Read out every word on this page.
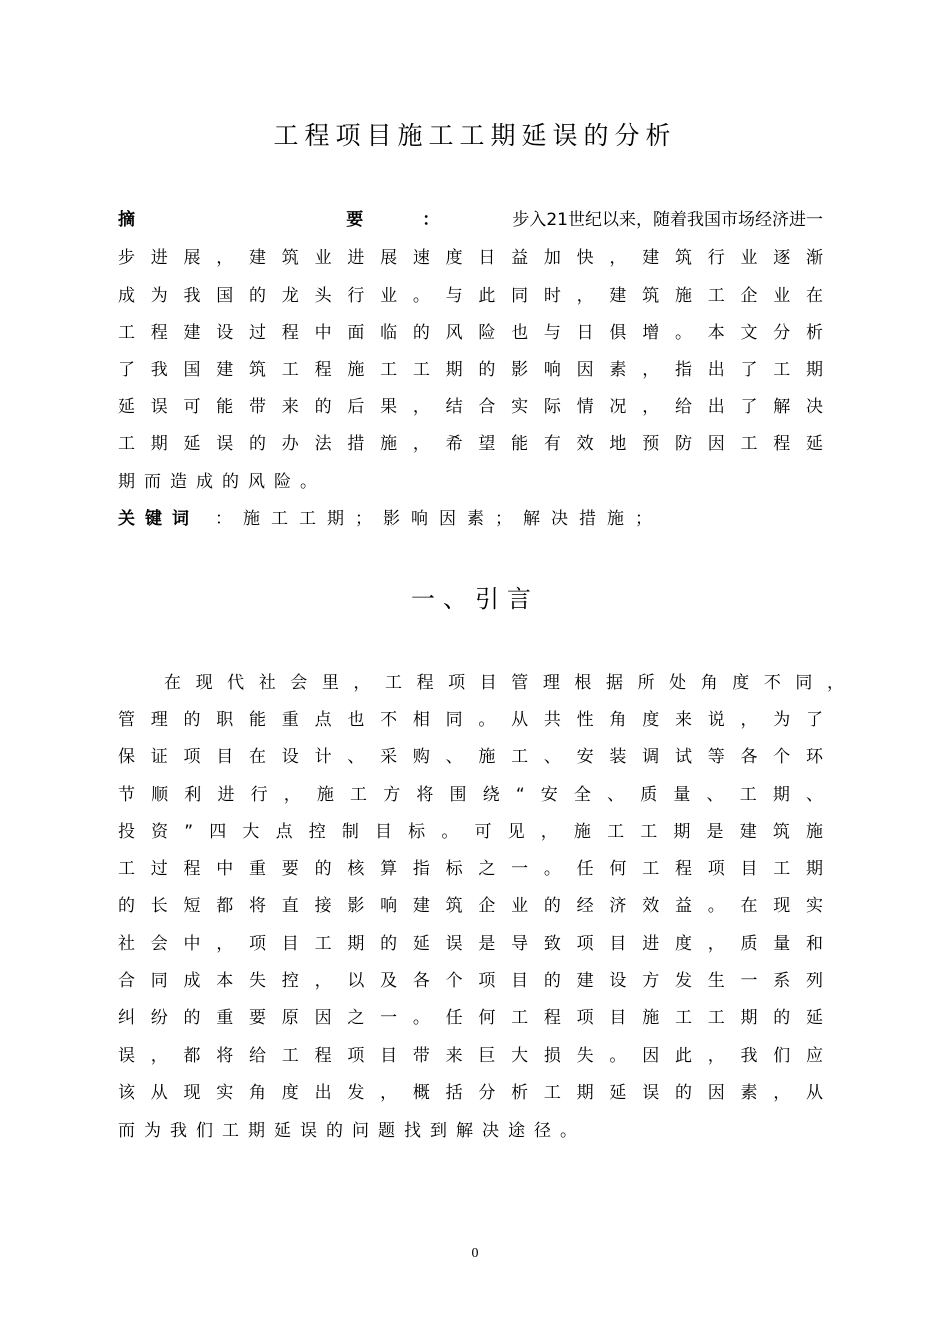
工程项目施工工期延误的分析
摘　　要： 步入21世纪以来，随着我国市场经济进一
步进展，建筑业进展速度日益加快，建筑行业逐渐
成为我国的龙头行业。与此同时，建筑施工企业在
工程建设过程中面临的风险也与日俱增。本文分析
了我国建筑工程施工工期的影响因素，指出了工期
延误可能带来的后果，结合实际情况，给出了解决
工期延误的办法措施，希望能有效地预防因工程延
期而造成的风险。
关键词 ：施工工期；影响因素；解决措施；
一、引言
在现代社会里，工程项目管理根据所处角度不同，
管理的职能重点也不相同。从共性角度来说，为了
保证项目在设计、采购、施工、安装调试等各个环
节顺利进行，施工方将围绕“安全、质量、工期、
投资”四大点控制目标。可见，施工工期是建筑施
工过程中重要的核算指标之一。任何工程项目工期
的长短都将直接影响建筑企业的经济效益。在现实
社会中，项目工期的延误是导致项目进度，质量和
合同成本失控，以及各个项目的建设方发生一系列
纠纷的重要原因之一。任何工程项目施工工期的延
误，都将给工程项目带来巨大损失。因此，我们应
该从现实角度出发，概括分析工期延误的因素，从
而为我们工期延误的问题找到解决途径。
0
